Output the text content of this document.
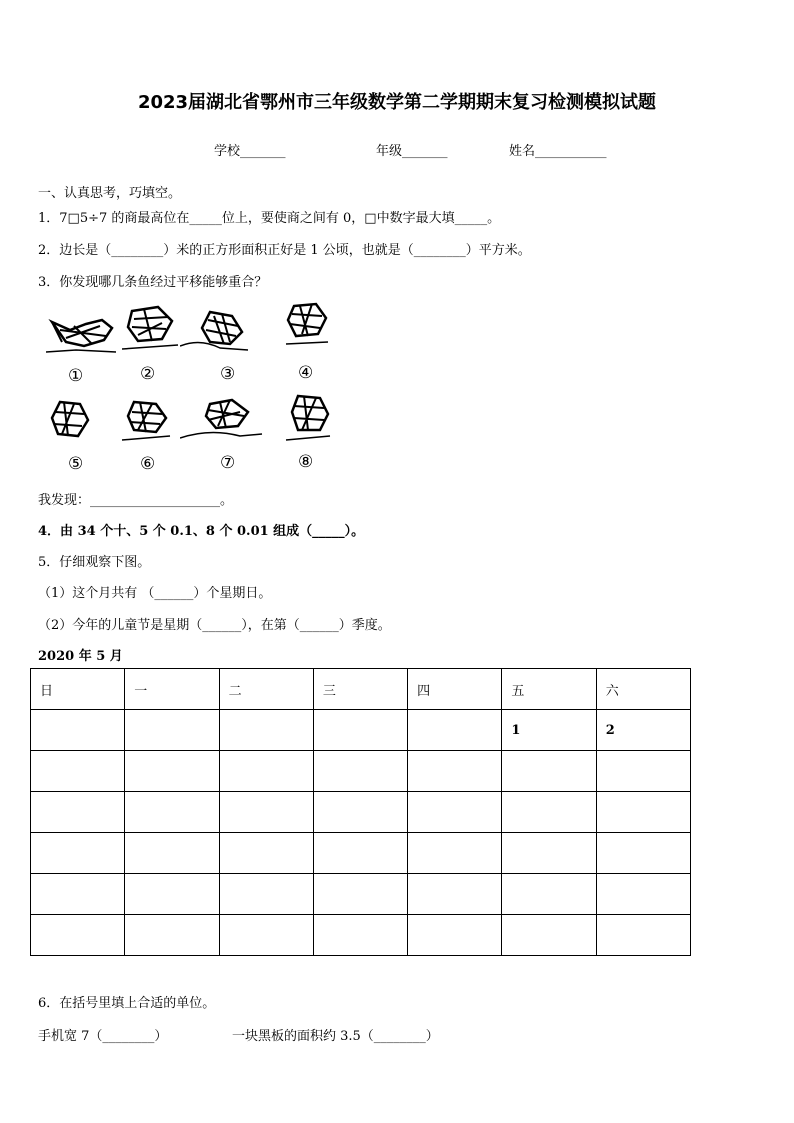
2023届湖北省鄂州市三年级数学第二学期期末复习检测模拟试题
学校_______	年级_______	姓名___________
一、认真思考，巧填空。
1．7□5÷7 的商最高位在_____位上，要使商之间有 0，□中数字最大填_____。
2．边长是（________）米的正方形面积正好是 1 公顷，也就是（________）平方米。
3．你发现哪几条鱼经过平移能够重合？
①	②	③	④
⑤	⑥	⑦	⑧
我发现：____________________。
4．由 34 个十、5 个 0.1、8 个 0.01 组成（_____）。
5．仔细观察下图。
（1）这个月共有 （______）个星期日。
（2）今年的儿童节是星期（______），在第（______）季度。
2020 年 5 月
日	一	二	三	四	五	六
					1	2

6．在括号里填上合适的单位。
手机宽 7（________）	一块黑板的面积约 3.5（________）
